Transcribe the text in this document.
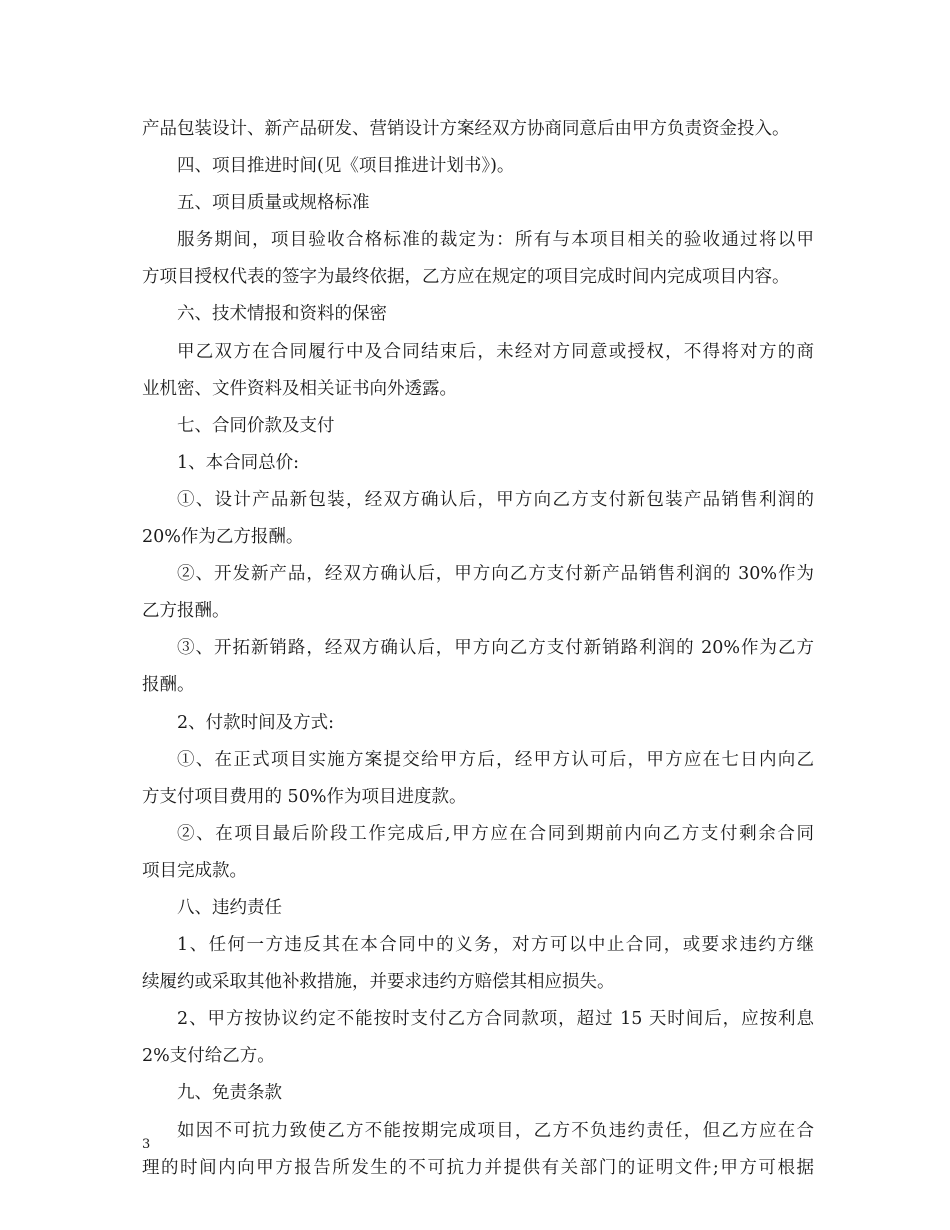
产品包装设计、新产品研发、营销设计方案经双方协商同意后由甲方负责资金投入。
四、项目推进时间(见《项目推进计划书》)。
五、项目质量或规格标准
服务期间，项目验收合格标准的裁定为：所有与本项目相关的验收通过将以甲
方项目授权代表的签字为最终依据，乙方应在规定的项目完成时间内完成项目内容。
六、技术情报和资料的保密
甲乙双方在合同履行中及合同结束后，未经对方同意或授权，不得将对方的商
业机密、文件资料及相关证书向外透露。
七、合同价款及支付
1、本合同总价:
①、设计产品新包装，经双方确认后，甲方向乙方支付新包装产品销售利润的
20%作为乙方报酬。
②、开发新产品，经双方确认后，甲方向乙方支付新产品销售利润的 30%作为
乙方报酬。
③、开拓新销路，经双方确认后，甲方向乙方支付新销路利润的 20%作为乙方
报酬。
2、付款时间及方式:
①、在正式项目实施方案提交给甲方后，经甲方认可后，甲方应在七日内向乙
方支付项目费用的 50%作为项目进度款。
②、在项目最后阶段工作完成后,甲方应在合同到期前内向乙方支付剩余合同
项目完成款。
八、违约责任
1、任何一方违反其在本合同中的义务，对方可以中止合同，或要求违约方继
续履约或采取其他补救措施，并要求违约方赔偿其相应损失。
2、甲方按协议约定不能按时支付乙方合同款项，超过 15 天时间后，应按利息
2%支付给乙方。
九、免责条款
如因不可抗力致使乙方不能按期完成项目，乙方不负违约责任，但乙方应在合
理的时间内向甲方报告所发生的不可抗力并提供有关部门的证明文件;甲方可根据
3
